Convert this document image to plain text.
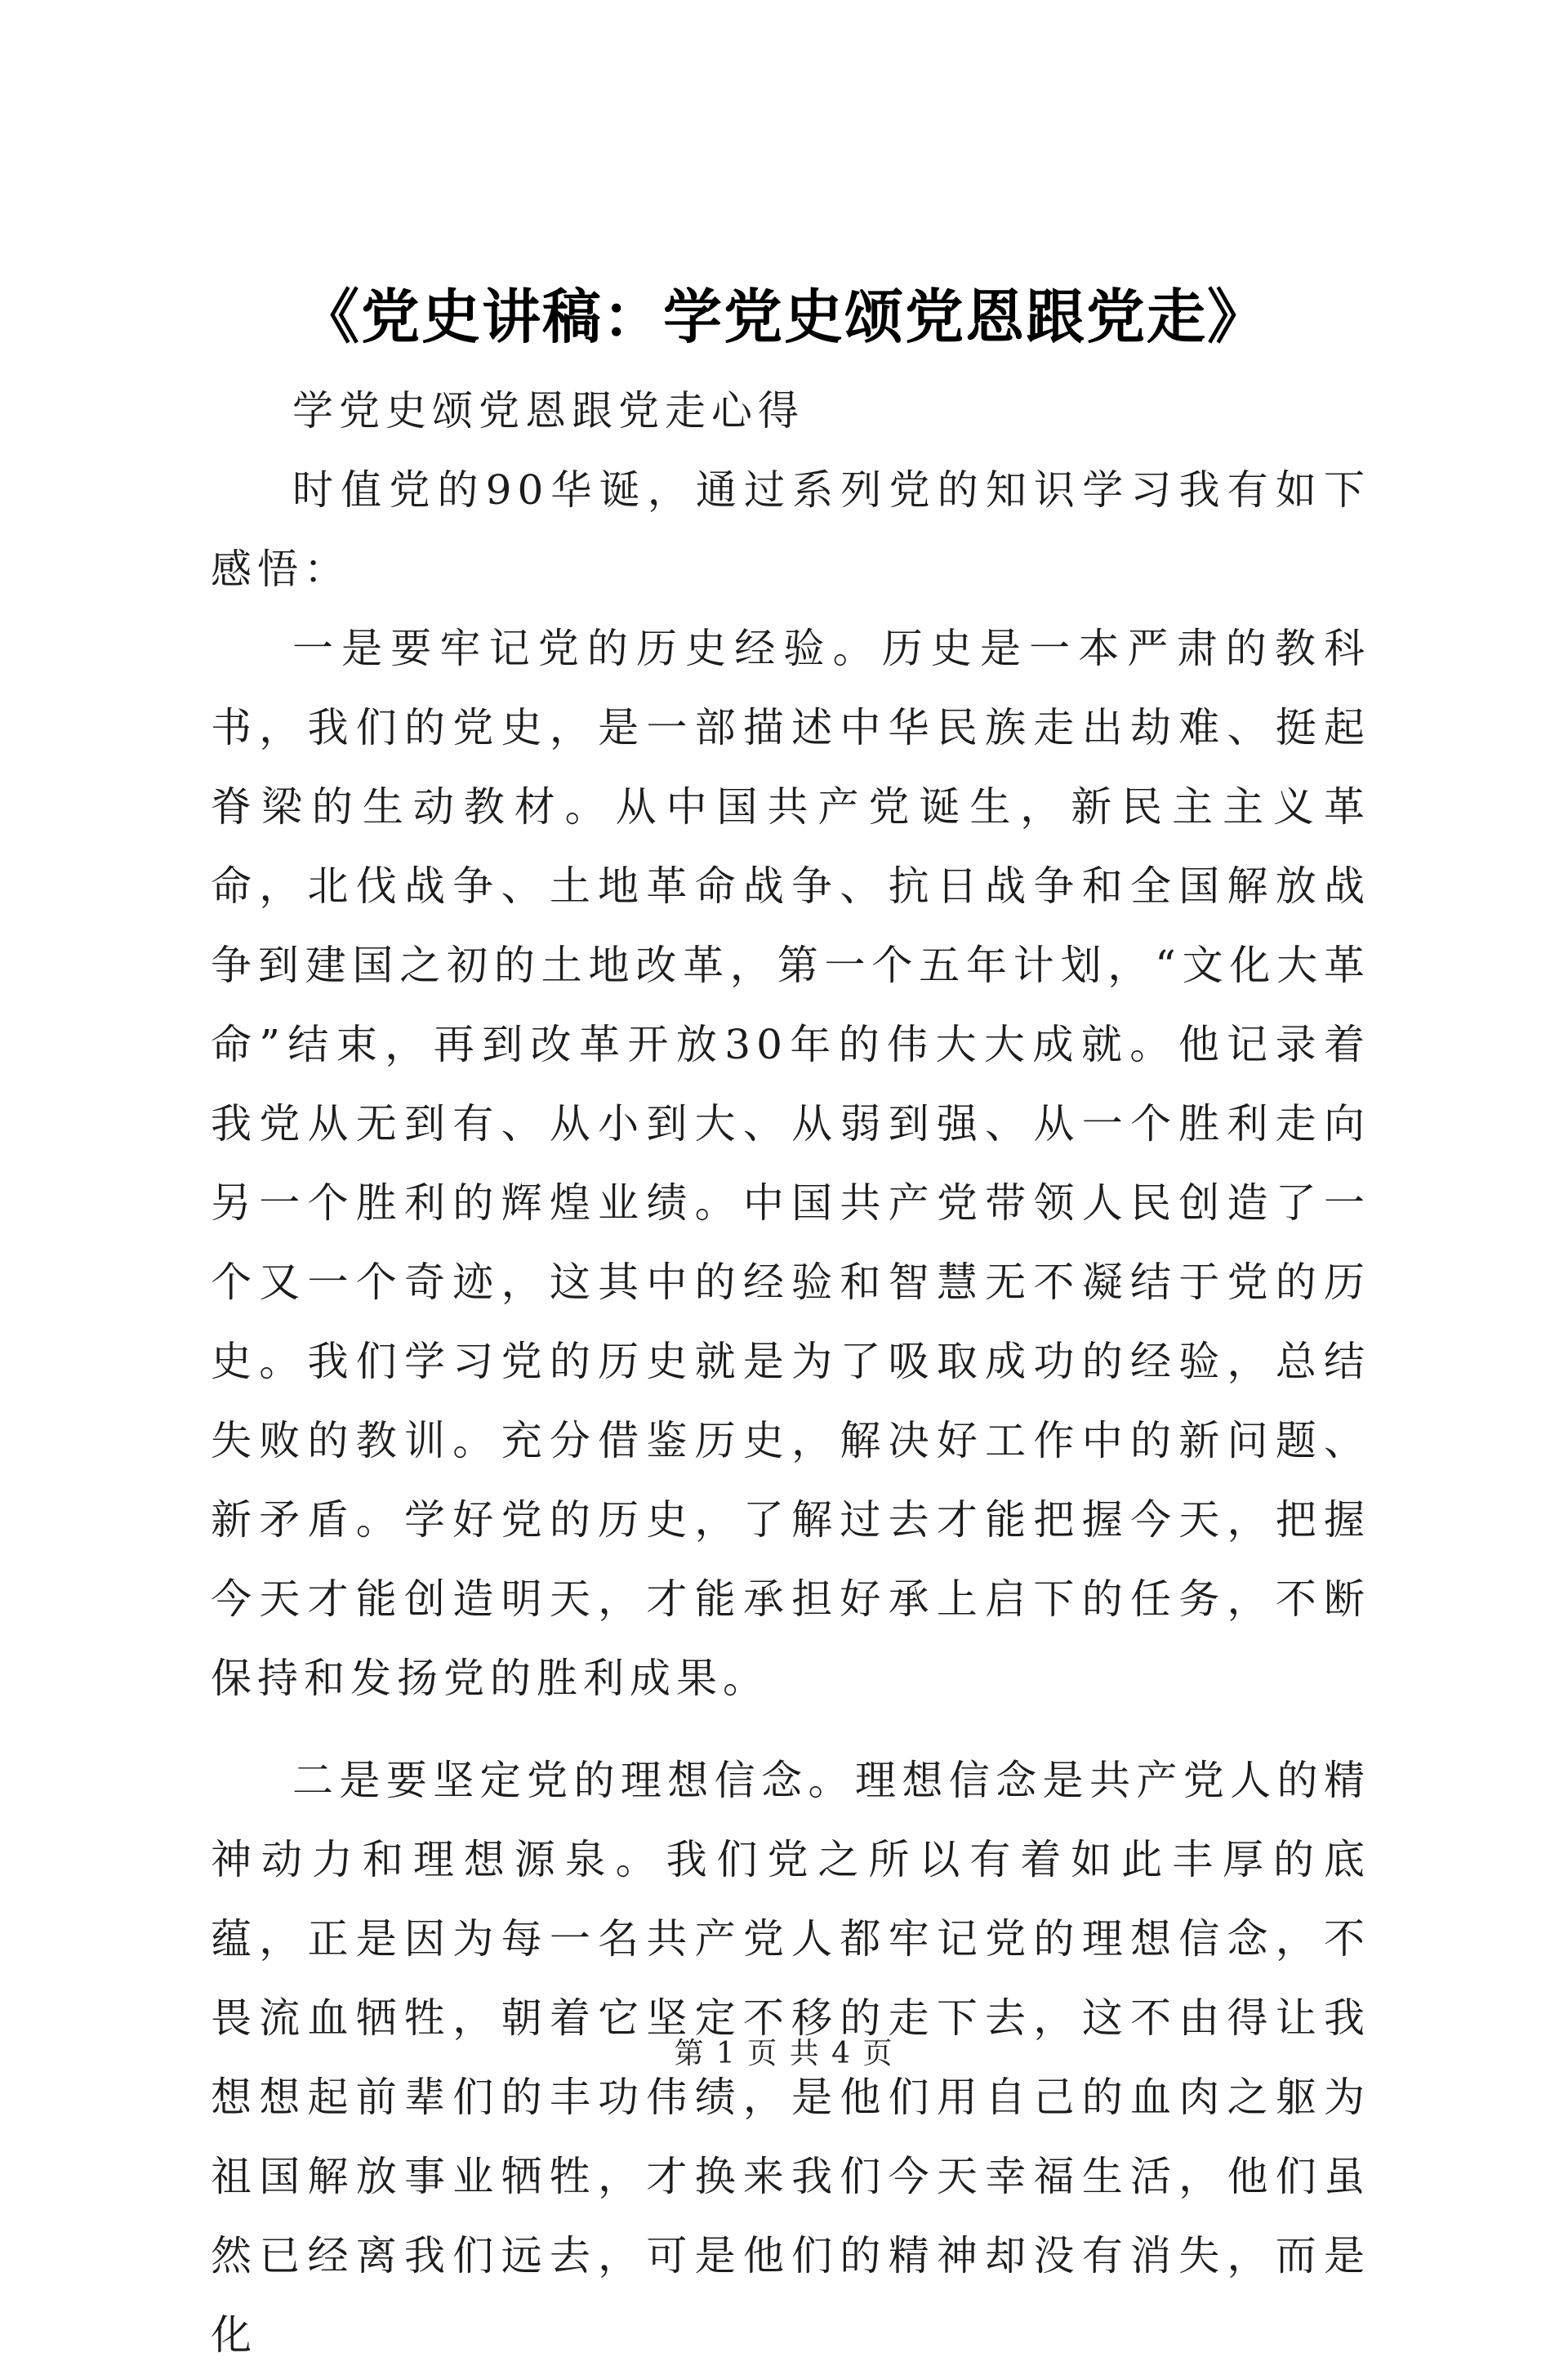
《党史讲稿：学党史颂党恩跟党走》

学党史颂党恩跟党走心得

时值党的90华诞，通过系列党的知识学习我有如下感悟：

一是要牢记党的历史经验。历史是一本严肃的教科书，我们的党史，是一部描述中华民族走出劫难、挺起脊梁的生动教材。从中国共产党诞生，新民主主义革命，北伐战争、土地革命战争、抗日战争和全国解放战争到建国之初的土地改革，第一个五年计划，“文化大革命”结束，再到改革开放30年的伟大大成就。他记录着我党从无到有、从小到大、从弱到强、从一个胜利走向另一个胜利的辉煌业绩。中国共产党带领人民创造了一个又一个奇迹，这其中的经验和智慧无不凝结于党的历史。我们学习党的历史就是为了吸取成功的经验，总结失败的教训。充分借鉴历史，解决好工作中的新问题、新矛盾。学好党的历史，了解过去才能把握今天，把握今天才能创造明天，才能承担好承上启下的任务，不断保持和发扬党的胜利成果。

二是要坚定党的理想信念。理想信念是共产党人的精神动力和理想源泉。我们党之所以有着如此丰厚的底蕴，正是因为每一名共产党人都牢记党的理想信念，不畏流血牺牲，朝着它坚定不移的走下去，这不由得让我想想起前辈们的丰功伟绩，是他们用自己的血肉之躯为祖国解放事业牺牲，才换来我们今天幸福生活，他们虽然已经离我们远去，可是他们的精神却没有消失，而是化

第 1 页 共 4 页
